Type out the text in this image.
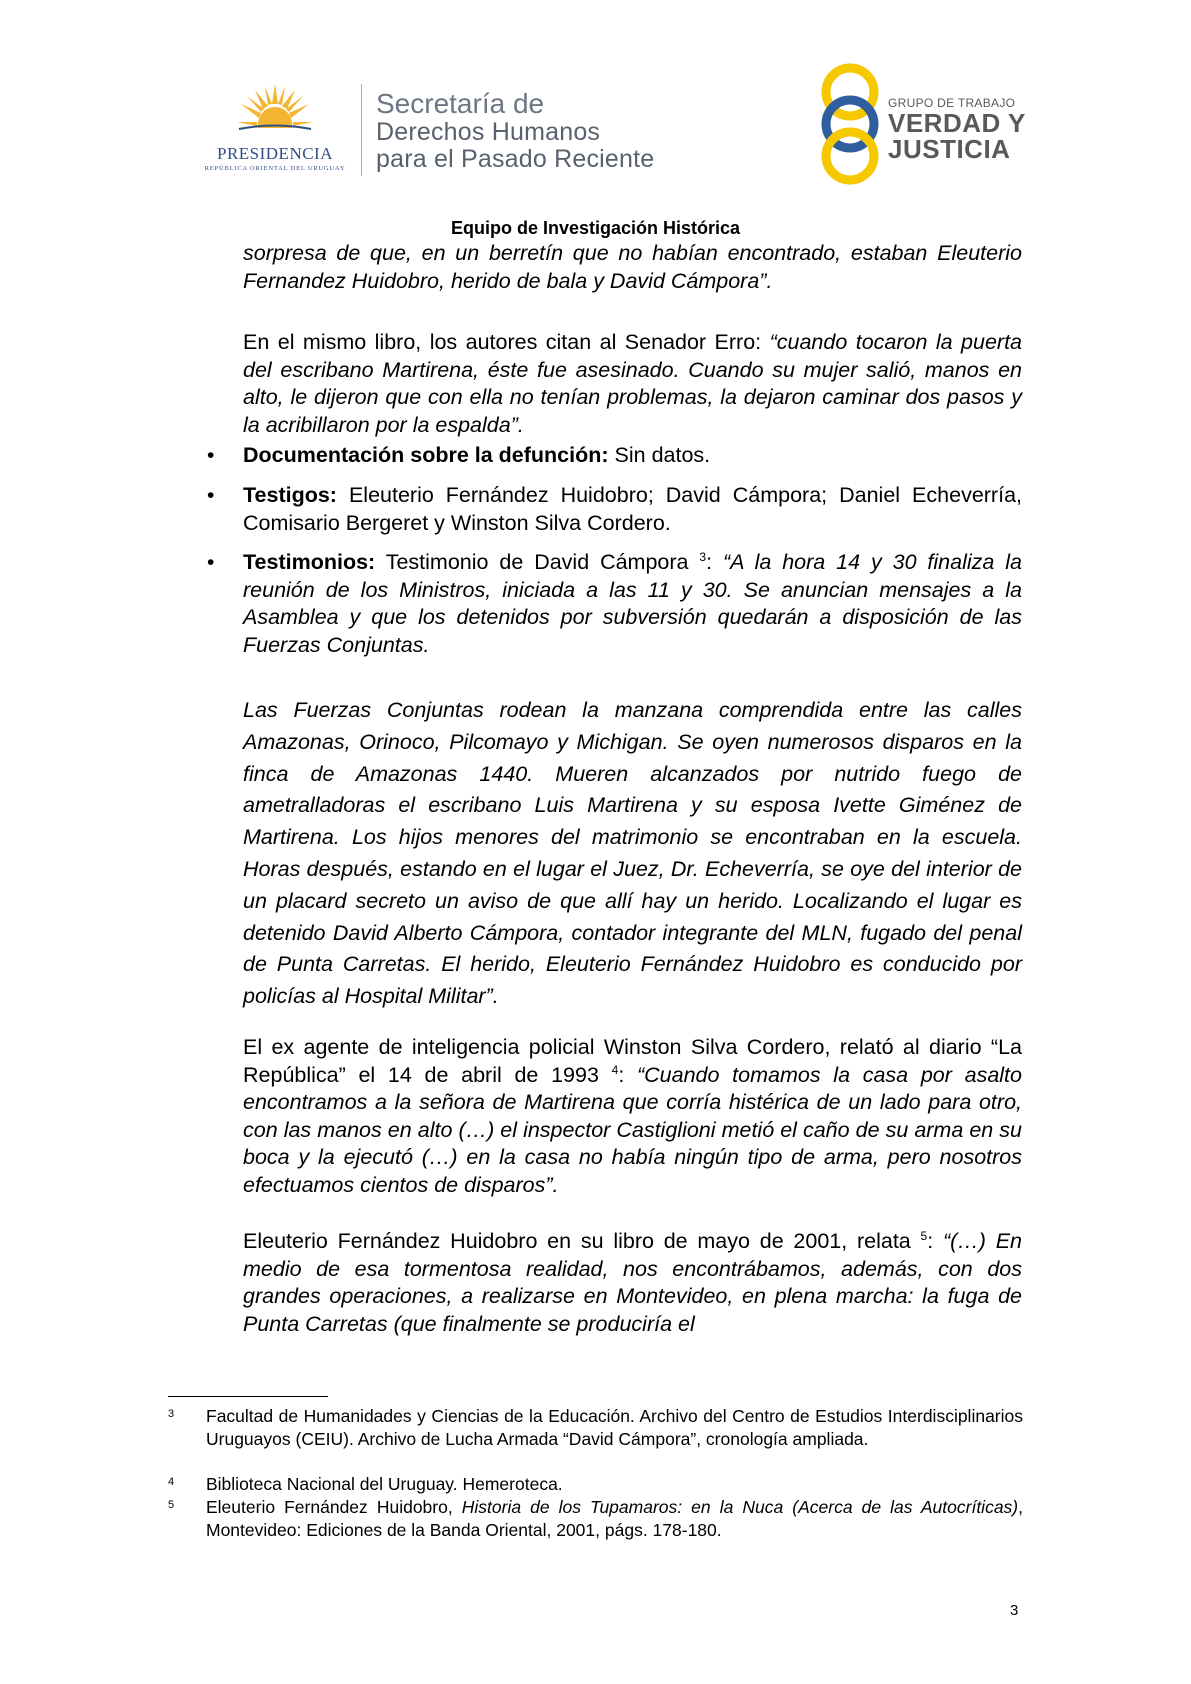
PRESIDENCIA
REPÚBLICA ORIENTAL DEL URUGUAY
Secretaría de
Derechos Humanos
para el Pasado Reciente
GRUPO DE TRABAJO
VERDAD Y
JUSTICIA
Equipo de Investigación Histórica

sorpresa de que, en un berretín que no habían encontrado, estaban Eleuterio Fernandez Huidobro, herido de bala y David Cámpora”.

En el mismo libro, los autores citan al Senador Erro: “cuando tocaron la puerta del escribano Martirena, éste fue asesinado. Cuando su mujer salió, manos en alto, le dijeron que con ella no tenían problemas, la dejaron caminar dos pasos y la acribillaron por la espalda”.

• Documentación sobre la defunción: Sin datos.

• Testigos: Eleuterio Fernández Huidobro; David Cámpora; Daniel Echeverría, Comisario Bergeret y Winston Silva Cordero.

• Testimonios: Testimonio de David Cámpora $^3$: “A la hora 14 y 30 finaliza la reunión de los Ministros, iniciada a las 11 y 30. Se anuncian mensajes a la Asamblea y que los detenidos por subversión quedarán a disposición de las Fuerzas Conjuntas.

Las Fuerzas Conjuntas rodean la manzana comprendida entre las calles Amazonas, Orinoco, Pilcomayo y Michigan. Se oyen numerosos disparos en la finca de Amazonas 1440. Mueren alcanzados por nutrido fuego de ametralladoras el escribano Luis Martirena y su esposa Ivette Giménez de Martirena. Los hijos menores del matrimonio se encontraban en la escuela. Horas después, estando en el lugar el Juez, Dr. Echeverría, se oye del interior de un placard secreto un aviso de que allí hay un herido. Localizando el lugar es detenido David Alberto Cámpora, contador integrante del MLN, fugado del penal de Punta Carretas. El herido, Eleuterio Fernández Huidobro es conducido por policías al Hospital Militar”.

El ex agente de inteligencia policial Winston Silva Cordero, relató al diario “La República” el 14 de abril de 1993 $^4$: “Cuando tomamos la casa por asalto encontramos a la señora de Martirena que corría histérica de un lado para otro, con las manos en alto (…) el inspector Castiglioni metió el caño de su arma en su boca y la ejecutó (…) en la casa no había ningún tipo de arma, pero nosotros efectuamos cientos de disparos”.

Eleuterio Fernández Huidobro en su libro de mayo de 2001, relata $^5$: “(…) En medio de esa tormentosa realidad, nos encontrábamos, además, con dos grandes operaciones, a realizarse en Montevideo, en plena marcha: la fuga de Punta Carretas (que finalmente se produciría el

3 Facultad de Humanidades y Ciencias de la Educación. Archivo del Centro de Estudios Interdisciplinarios Uruguayos (CEIU). Archivo de Lucha Armada “David Cámpora”, cronología ampliada.
4 Biblioteca Nacional del Uruguay. Hemeroteca.
5 Eleuterio Fernández Huidobro, Historia de los Tupamaros: en la Nuca (Acerca de las Autocríticas), Montevideo: Ediciones de la Banda Oriental, 2001, págs. 178-180.
3
